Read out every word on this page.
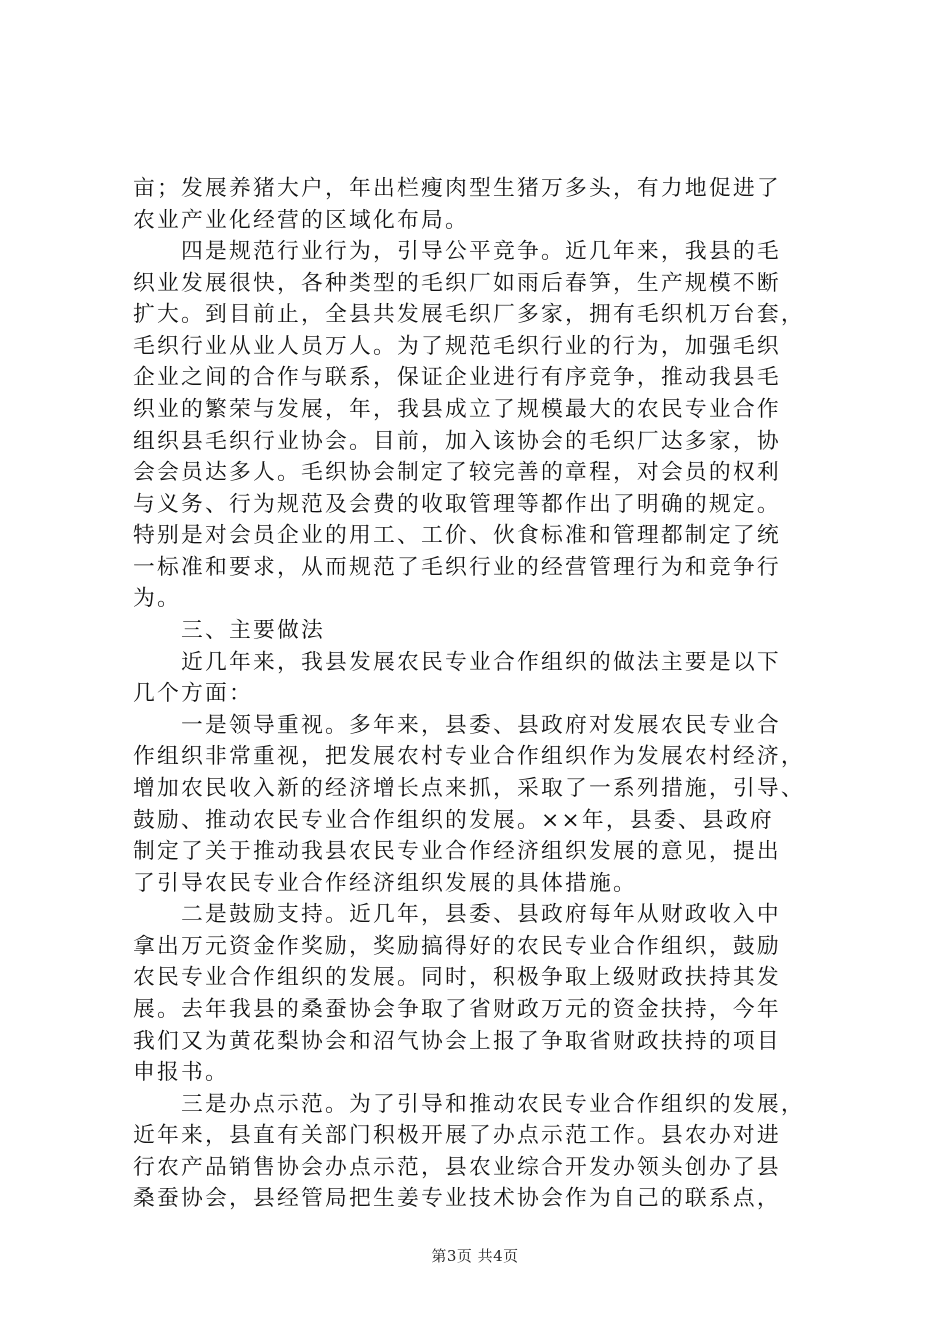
亩；发展养猪大户，年出栏瘦肉型生猪万多头，有力地促进了
农业产业化经营的区域化布局。
　　四是规范行业行为，引导公平竞争。近几年来，我县的毛
织业发展很快，各种类型的毛织厂如雨后春笋，生产规模不断
扩大。到目前止，全县共发展毛织厂多家，拥有毛织机万台套，
毛织行业从业人员万人。为了规范毛织行业的行为，加强毛织
企业之间的合作与联系，保证企业进行有序竞争，推动我县毛
织业的繁荣与发展，年，我县成立了规模最大的农民专业合作
组织县毛织行业协会。目前，加入该协会的毛织厂达多家，协
会会员达多人。毛织协会制定了较完善的章程，对会员的权利
与义务、行为规范及会费的收取管理等都作出了明确的规定。
特别是对会员企业的用工、工价、伙食标准和管理都制定了统
一标准和要求，从而规范了毛织行业的经营管理行为和竞争行
为。
　　三、主要做法
　　近几年来，我县发展农民专业合作组织的做法主要是以下
几个方面：
　　一是领导重视。多年来，县委、县政府对发展农民专业合
作组织非常重视，把发展农村专业合作组织作为发展农村经济，
增加农民收入新的经济增长点来抓，采取了一系列措施，引导、
鼓励、推动农民专业合作组织的发展。××年，县委、县政府
制定了关于推动我县农民专业合作经济组织发展的意见，提出
了引导农民专业合作经济组织发展的具体措施。
　　二是鼓励支持。近几年，县委、县政府每年从财政收入中
拿出万元资金作奖励，奖励搞得好的农民专业合作组织，鼓励
农民专业合作组织的发展。同时，积极争取上级财政扶持其发
展。去年我县的桑蚕协会争取了省财政万元的资金扶持，今年
我们又为黄花梨协会和沼气协会上报了争取省财政扶持的项目
申报书。
　　三是办点示范。为了引导和推动农民专业合作组织的发展，
近年来，县直有关部门积极开展了办点示范工作。县农办对进
行农产品销售协会办点示范，县农业综合开发办领头创办了县
桑蚕协会，县经管局把生姜专业技术协会作为自己的联系点，
第3页 共4页
